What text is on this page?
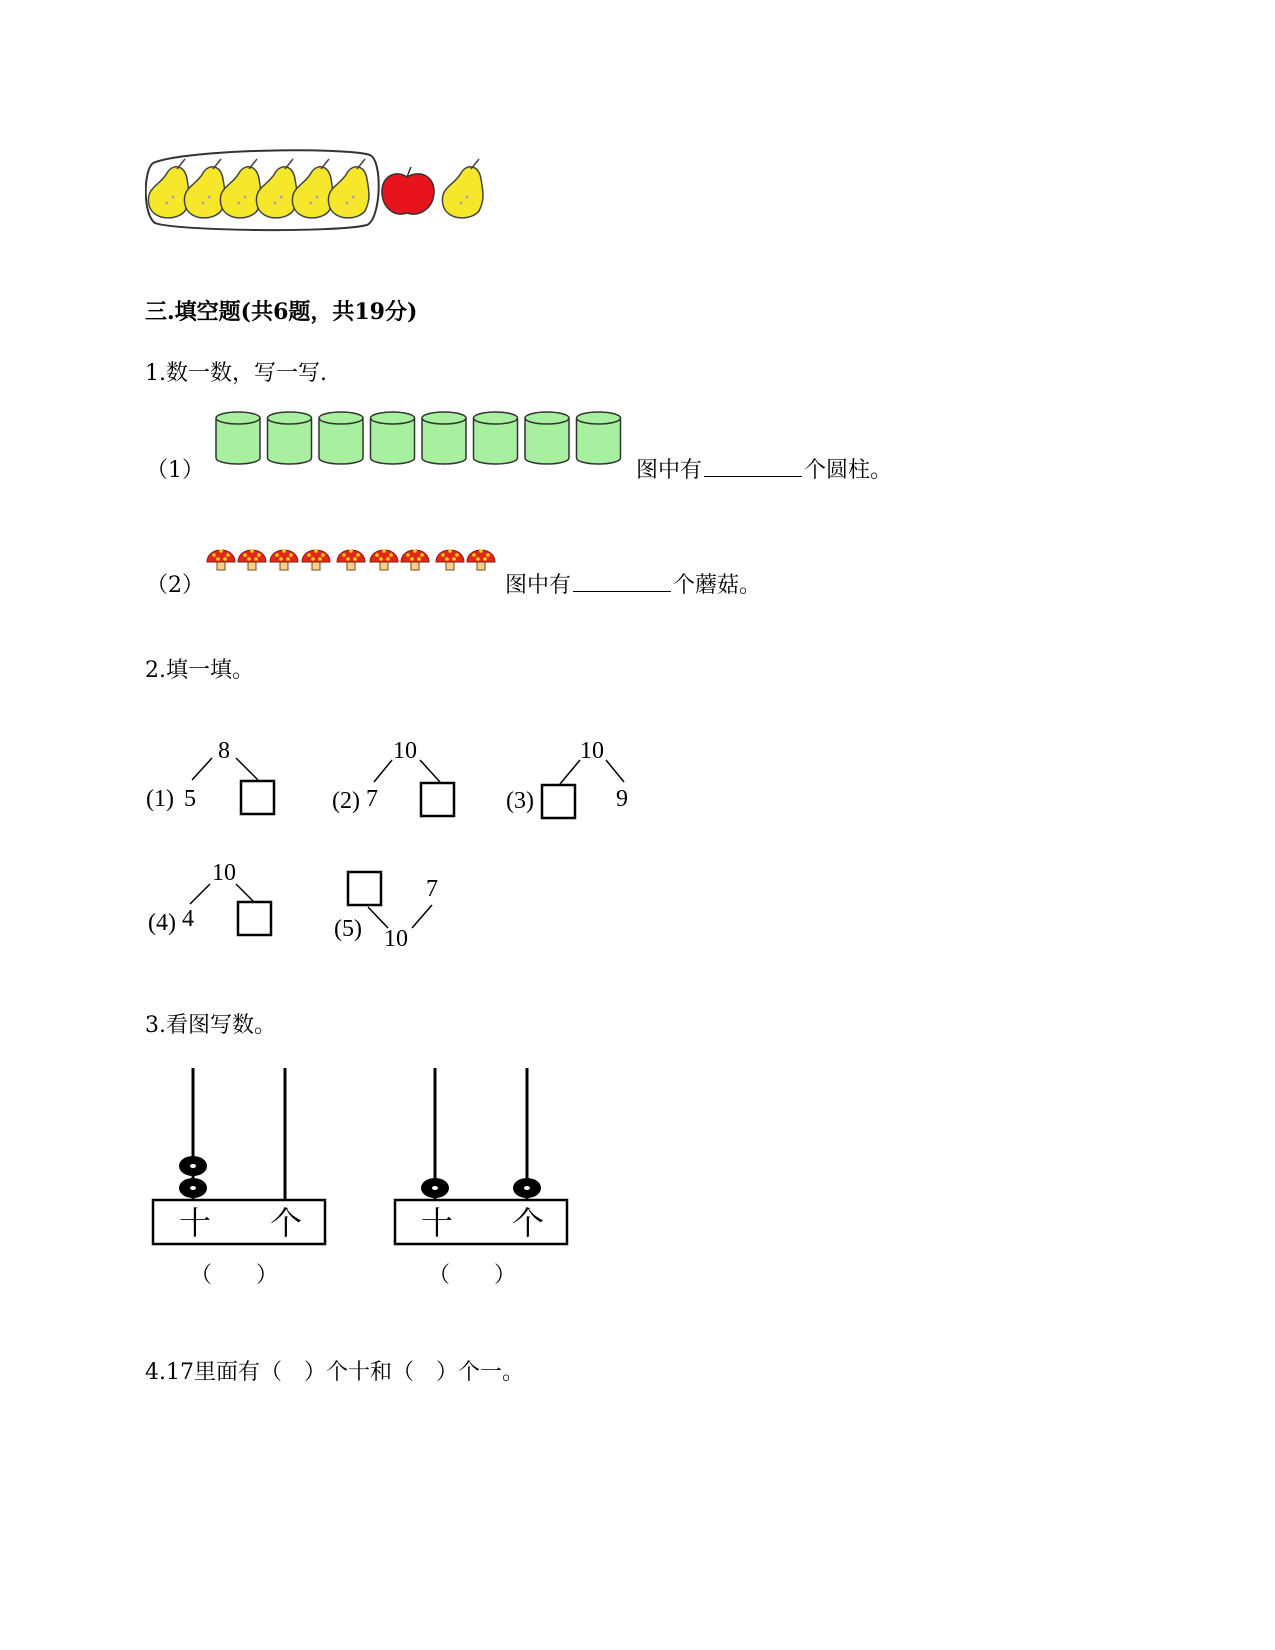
三.填空题(共6题，共19分)
1.数一数，写一写.
（1）	图中有	个圆柱。
（2）	图中有	个蘑菇。
2.填一填。
(1)
8
5	(2)
10
7	(3)
10
9
(4)
10
4	(5) 10
7
3.看图写数。
十 个
（　　）
十 个
（　　）
4.17里面有（　）个十和（　）个一。
